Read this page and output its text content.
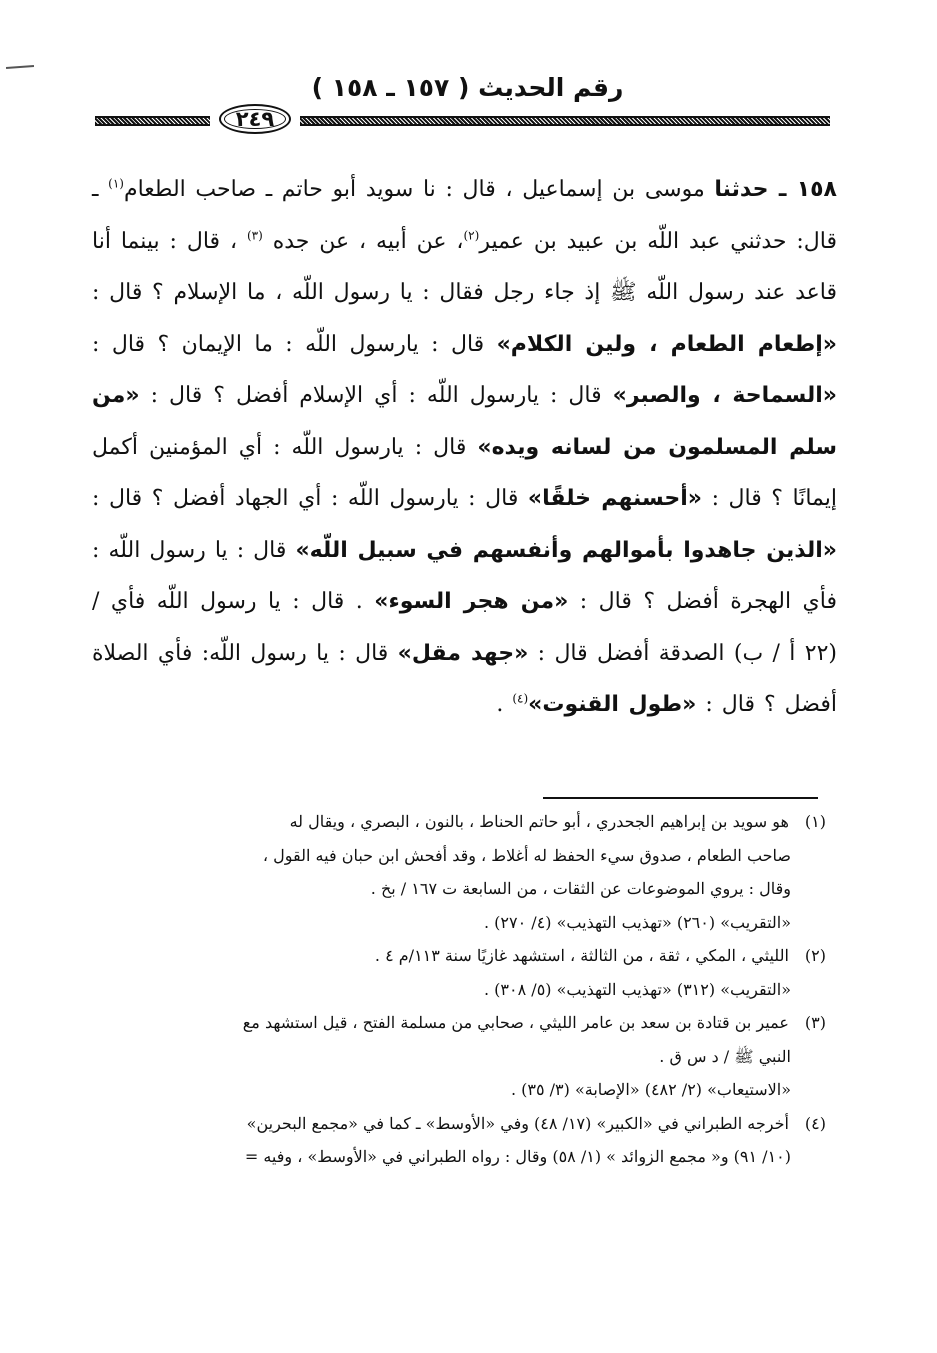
رقم الحديث ( ١٥٧ ـ ١٥٨ )
٢٤٩
١٥٨ ـ حدثنا موسى بن إسماعيل ، قال : نا سويد أبو حاتم ـ صاحب الطعام$^{(١)}$ ـ قال: حدثني عبد اللّه بن عبيد بن عمير$^{(٢)}$، عن أبيه ، عن جده $^{(٣)}$ ، قال : بينما أنا قاعد عند رسول اللّه ﷺ إذ جاء رجل فقال : يا رسول اللّه ، ما الإسلام ؟ قال : «إطعام الطعام ، ولين الكلام» قال : يارسول اللّه : ما الإيمان ؟ قال : «السماحة ، والصبر» قال : يارسول اللّه : أي الإسلام أفضل ؟ قال : «من سلم المسلمون من لسانه ويده» قال : يارسول اللّه : أي المؤمنين أكمل إيمانًا ؟ قال : «أحسنهم خلقًا» قال : يارسول اللّه : أي الجهاد أفضل ؟ قال : «الذين جاهدوا بأموالهم وأنفسهم في سبيل اللّه» قال : يا رسول اللّه : فأي الهجرة أفضل ؟ قال : «من هجر السوء» . قال : يا رسول اللّه فأي / (٢٢ أ / ب) الصدقة أفضل قال : «جهد مقل» قال : يا رسول اللّه: فأي الصلاة أفضل ؟ قال : «طول القنوت»$^{(٤)}$ .

(١) هو سويد بن إبراهيم الجحدري ، أبو حاتم الحناط ، بالنون ، البصري ، ويقال له

صاحب الطعام ، صدوق سيء الحفظ له أغلاط ، وقد أفحش ابن حبان فيه القول ،

وقال : يروي الموضوعات عن الثقات ، من السابعة ت ١٦٧ / بخ .

«التقريب» (٢٦٠) «تهذيب التهذيب» (٤/ ٢٧٠) .

(٢) الليثي ، المكي ، ثقة ، من الثالثة ، استشهد غازيًا سنة ١١٣/م ٤ .

«التقريب» (٣١٢) «تهذيب التهذيب» (٥/ ٣٠٨) .

(٣) عمير بن قتادة بن سعد بن عامر الليثي ، صحابي من مسلمة الفتح ، قيل استشهد مع

النبي ﷺ / د س ق .

«الاستيعاب» (٢/ ٤٨٢) «الإصابة» (٣/ ٣٥) .

(٤) أخرجه الطبراني في «الكبير» (١٧/ ٤٨) وفي «الأوسط» ـ كما في «مجمع البحرين»

(١٠/ ٩١) و« مجمع الزوائد » (١/ ٥٨) وقال : رواه الطبراني في «الأوسط» ، وفيه =
